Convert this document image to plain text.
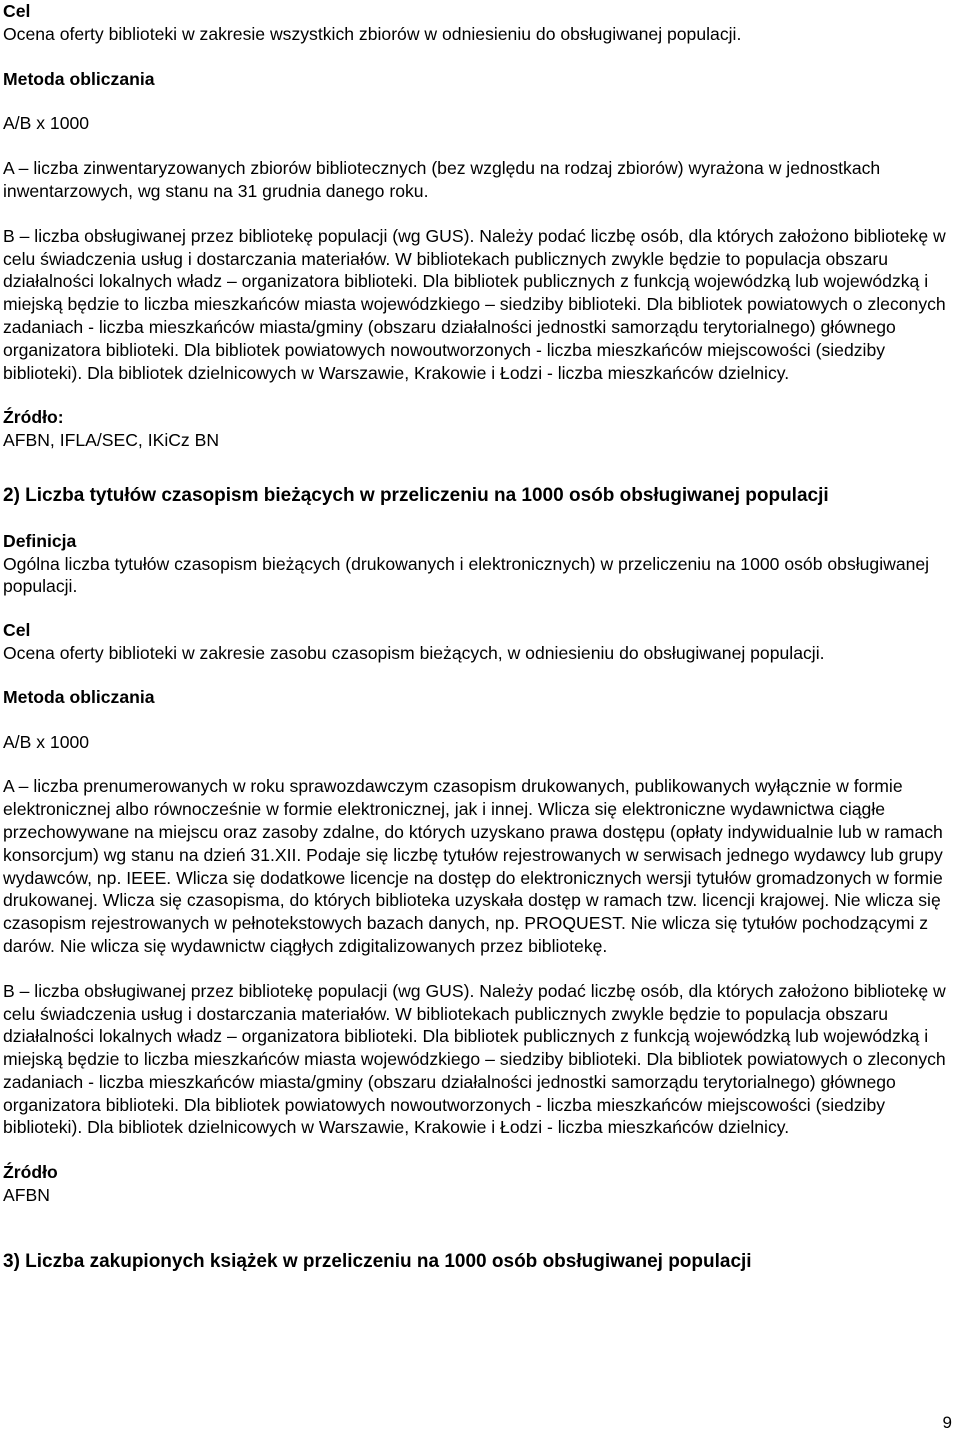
Cel

Ocena oferty biblioteki w zakresie wszystkich zbiorów w odniesieniu do obsługiwanej populacji.

Metoda obliczania

A/B x 1000

A – liczba zinwentaryzowanych zbiorów bibliotecznych (bez względu na rodzaj zbiorów) wyrażona w jednostkach inwentarzowych, wg stanu na 31 grudnia danego roku.

B – liczba obsługiwanej przez bibliotekę populacji (wg GUS). Należy podać liczbę osób, dla których założono bibliotekę w celu świadczenia usług i dostarczania materiałów. W bibliotekach publicznych zwykle będzie to populacja obszaru działalności lokalnych władz – organizatora biblioteki. Dla bibliotek publicznych z funkcją wojewódzką lub wojewódzką i miejską będzie to liczba mieszkańców miasta wojewódzkiego – siedziby biblioteki. Dla bibliotek powiatowych o zleconych zadaniach - liczba mieszkańców miasta/gminy (obszaru działalności jednostki samorządu terytorialnego) głównego organizatora biblioteki. Dla bibliotek powiatowych nowoutworzonych - liczba mieszkańców miejscowości (siedziby biblioteki). Dla bibliotek dzielnicowych w Warszawie, Krakowie i Łodzi - liczba mieszkańców dzielnicy.

Źródło:

AFBN, IFLA/SEC, IKiCz BN

2) Liczba tytułów czasopism bieżących w przeliczeniu na 1000 osób obsługiwanej populacji

Definicja

Ogólna liczba tytułów czasopism bieżących (drukowanych i elektronicznych) w przeliczeniu na 1000 osób obsługiwanej populacji.

Cel

Ocena oferty biblioteki w zakresie zasobu czasopism bieżących, w odniesieniu do obsługiwanej populacji.

Metoda obliczania

A/B x 1000

A – liczba prenumerowanych w roku sprawozdawczym czasopism drukowanych, publikowanych wyłącznie w formie elektronicznej albo równocześnie w formie elektronicznej, jak i innej. Wlicza się elektroniczne wydawnictwa ciągłe przechowywane na miejscu oraz zasoby zdalne, do których uzyskano prawa dostępu (opłaty indywidualnie lub w ramach konsorcjum) wg stanu na dzień 31.XII. Podaje się liczbę tytułów rejestrowanych w serwisach jednego wydawcy lub grupy wydawców, np. IEEE. Wlicza się dodatkowe licencje na dostęp do elektronicznych wersji tytułów gromadzonych w formie drukowanej. Wlicza się czasopisma, do których biblioteka uzyskała dostęp w ramach tzw. licencji krajowej. Nie wlicza się czasopism rejestrowanych w pełnotekstowych bazach danych, np. PROQUEST. Nie wlicza się tytułów pochodzącymi z darów. Nie wlicza się wydawnictw ciągłych zdigitalizowanych przez bibliotekę.

B – liczba obsługiwanej przez bibliotekę populacji (wg GUS). Należy podać liczbę osób, dla których założono bibliotekę w celu świadczenia usług i dostarczania materiałów. W bibliotekach publicznych zwykle będzie to populacja obszaru działalności lokalnych władz – organizatora biblioteki. Dla bibliotek publicznych z funkcją wojewódzką lub wojewódzką i miejską będzie to liczba mieszkańców miasta wojewódzkiego – siedziby biblioteki. Dla bibliotek powiatowych o zleconych zadaniach - liczba mieszkańców miasta/gminy (obszaru działalności jednostki samorządu terytorialnego) głównego organizatora biblioteki. Dla bibliotek powiatowych nowoutworzonych - liczba mieszkańców miejscowości (siedziby biblioteki). Dla bibliotek dzielnicowych w Warszawie, Krakowie i Łodzi - liczba mieszkańców dzielnicy.

Źródło

AFBN

3) Liczba zakupionych książek w przeliczeniu na 1000 osób obsługiwanej populacji

9
